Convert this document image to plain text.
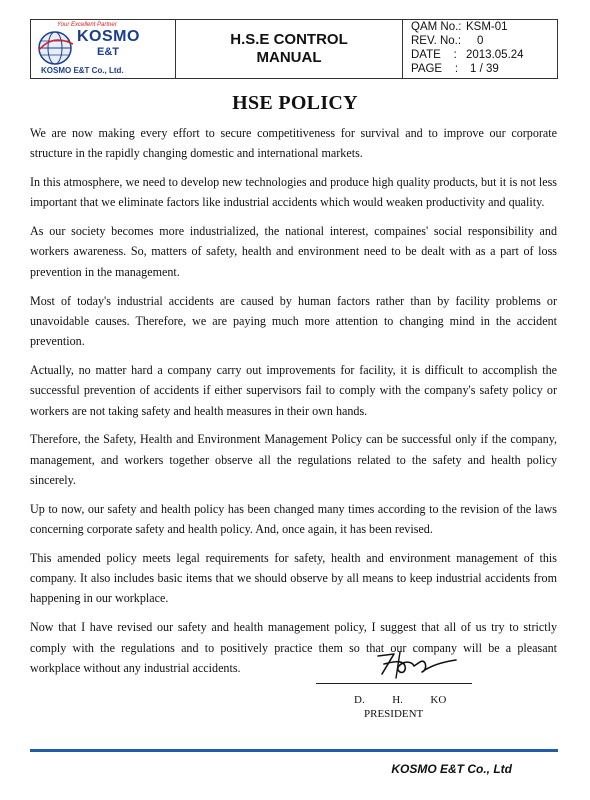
Your Excellent Partner
KOSMO
E&T
KOSMO E&T Co., Ltd.

H.S.E CONTROL
MANUAL

QAM No.: KSM-01
REV. No.:	0
DATE    : 2013.05.24
PAGE    :	1 / 39
HSE POLICY

We are now making every effort to secure competitiveness for survival and to improve our corporate structure in the rapidly changing domestic and international markets.

In this atmosphere, we need to develop new technologies and produce high quality products, but it is not less important that we eliminate factors like industrial accidents which would weaken productivity and quality.

As our society becomes more industrialized, the national interest, compaines' social responsibility and workers awareness. So, matters of safety, health and environment need to be dealt with as a part of loss prevention in the management.

Most of today's industrial accidents are caused by human factors rather than by facility problems or unavoidable causes. Therefore, we are paying much more attention to changing mind in the accident prevention.

Actually, no matter hard a company carry out improvements for facility, it is difficult to accomplish the successful prevention of accidents if either supervisors fail to comply with the company's safety policy or workers are not taking safety and health measures in their own hands.

Therefore, the Safety, Health and Environment Management Policy can be successful only if the company, management, and workers together observe all the regulations related to the safety and health policy sincerely.

Up to now, our safety and health policy has been changed many times according to the revision of the laws concerning corporate safety and health policy. And, once again, it has been revised.

This amended policy meets legal requirements for safety, health and environment management of this company. It also includes basic items that we should observe by all means to keep industrial accidents from happening in our workplace.

Now that I have revised our safety and health management policy, I suggest that all of us try to strictly comply with the regulations and to positively practice them so that our company will be a pleasant workplace without any industrial accidents.

D.	H.	KO
PRESIDENT
KOSMO E&T Co., Ltd
